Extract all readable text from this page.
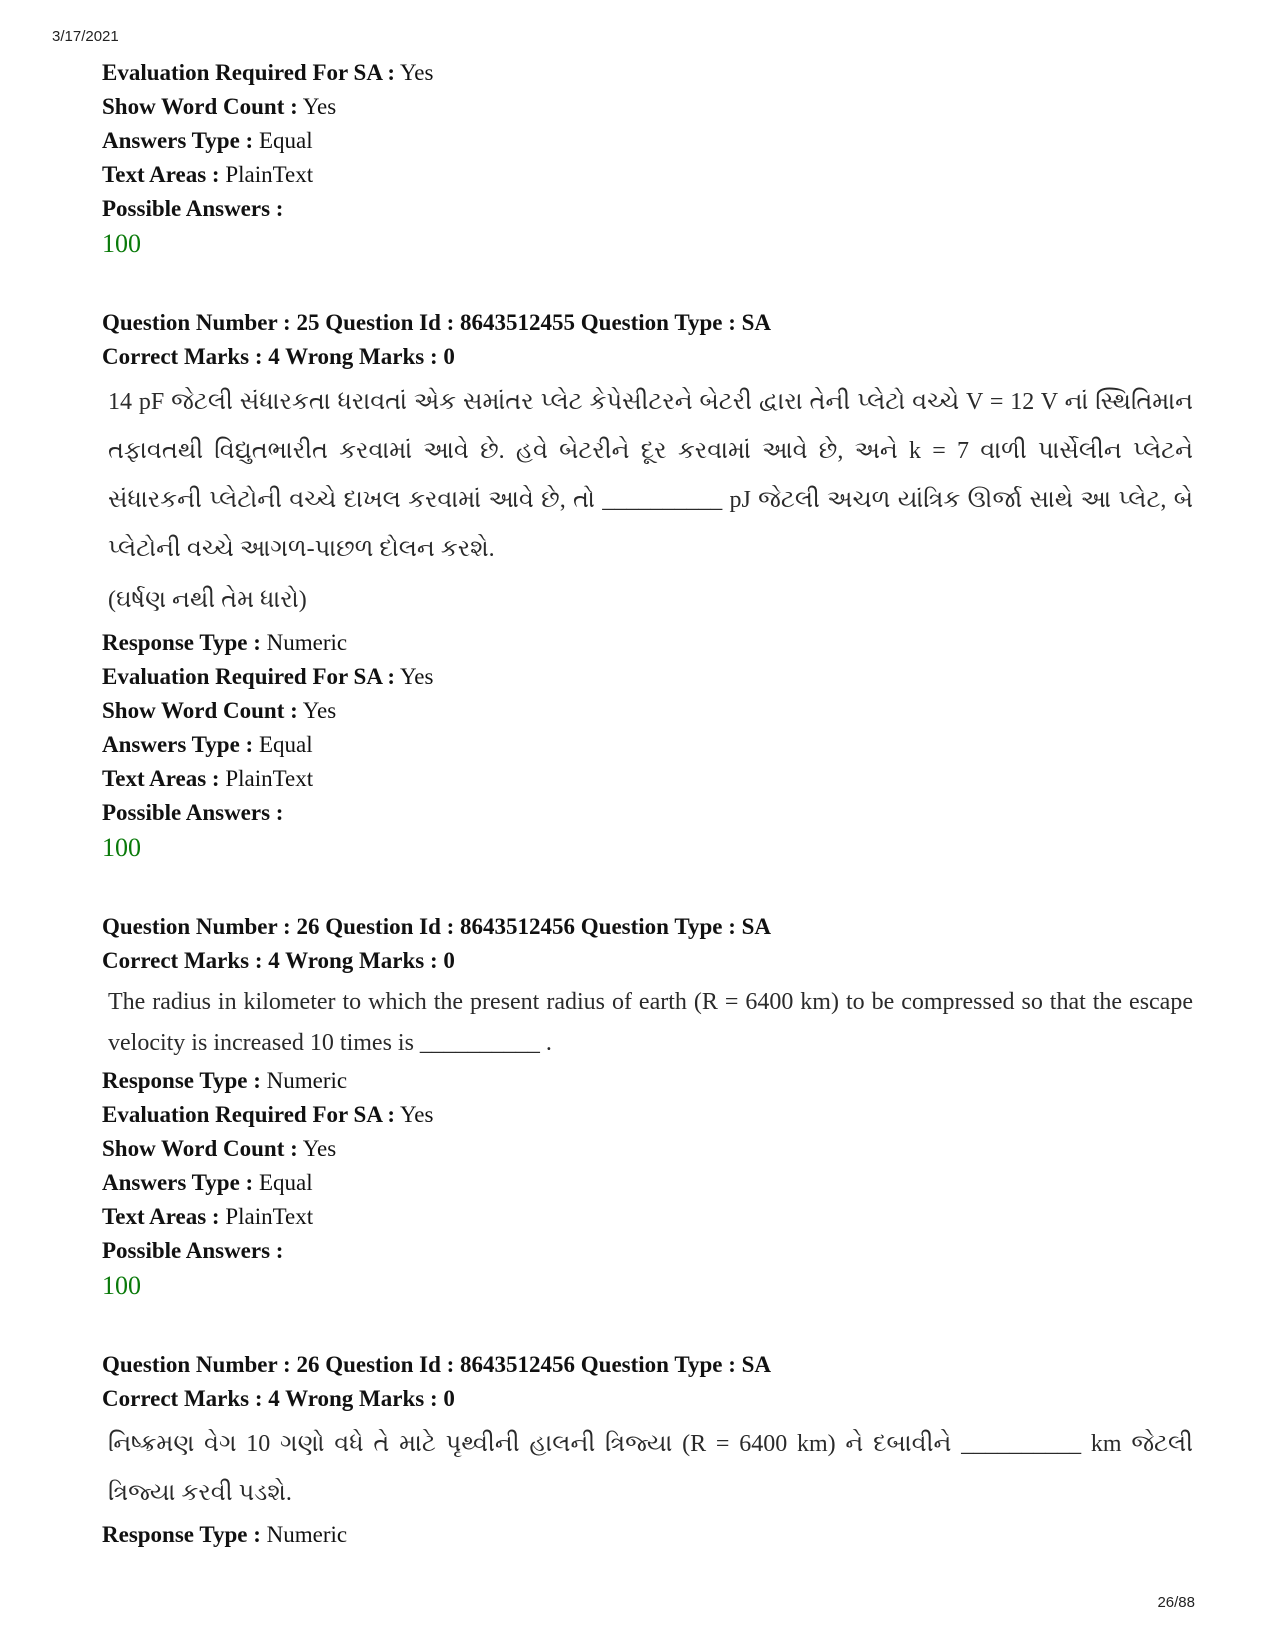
3/17/2021

Evaluation Required For SA : Yes

Show Word Count : Yes

Answers Type : Equal

Text Areas : PlainText

Possible Answers :

100

Question Number : 25 Question Id : 8643512455 Question Type : SA

Correct Marks : 4 Wrong Marks : 0

14 pF જેટલી સંધારકતા ધરાવતાં એક સમાંતર પ્લેટ કેપેસીટરને બેટરી દ્વારા તેની પ્લેટો વચ્ચે V = 12 V નાં સ્થિતિમાન તફાવતથી વિદ્યુતભારીત કરવામાં આવે છે. હવે બેટરીને દૂર કરવામાં આવે છે, અને k = 7 વાળી પાર્સેલીન પ્લેટને સંધારકની પ્લેટોની વચ્ચે દાખલ કરવામાં આવે છે, તો __________ pJ જેટલી અચળ યાંત્રિક ઊર્જા સાથે આ પ્લેટ, બે પ્લેટોની વચ્ચે આગળ-પાછળ દોલન કરશે.

(ઘર્ષણ નથી તેમ ધારો)

Response Type : Numeric

Evaluation Required For SA : Yes

Show Word Count : Yes

Answers Type : Equal

Text Areas : PlainText

Possible Answers :

100

Question Number : 26 Question Id : 8643512456 Question Type : SA

Correct Marks : 4 Wrong Marks : 0

The radius in kilometer to which the present radius of earth (R = 6400 km) to be compressed so that the escape velocity is increased 10 times is __________ .

Response Type : Numeric

Evaluation Required For SA : Yes

Show Word Count : Yes

Answers Type : Equal

Text Areas : PlainText

Possible Answers :

100

Question Number : 26 Question Id : 8643512456 Question Type : SA

Correct Marks : 4 Wrong Marks : 0

નિષ્ક્રમણ વેગ 10 ગણો વધે તે માટે પૃથ્વીની હાલની ત્રિજ્યા (R = 6400 km) ને દબાવીને __________ km જેટલી ત્રિજ્યા કરવી પડશે.

Response Type : Numeric

26/88
